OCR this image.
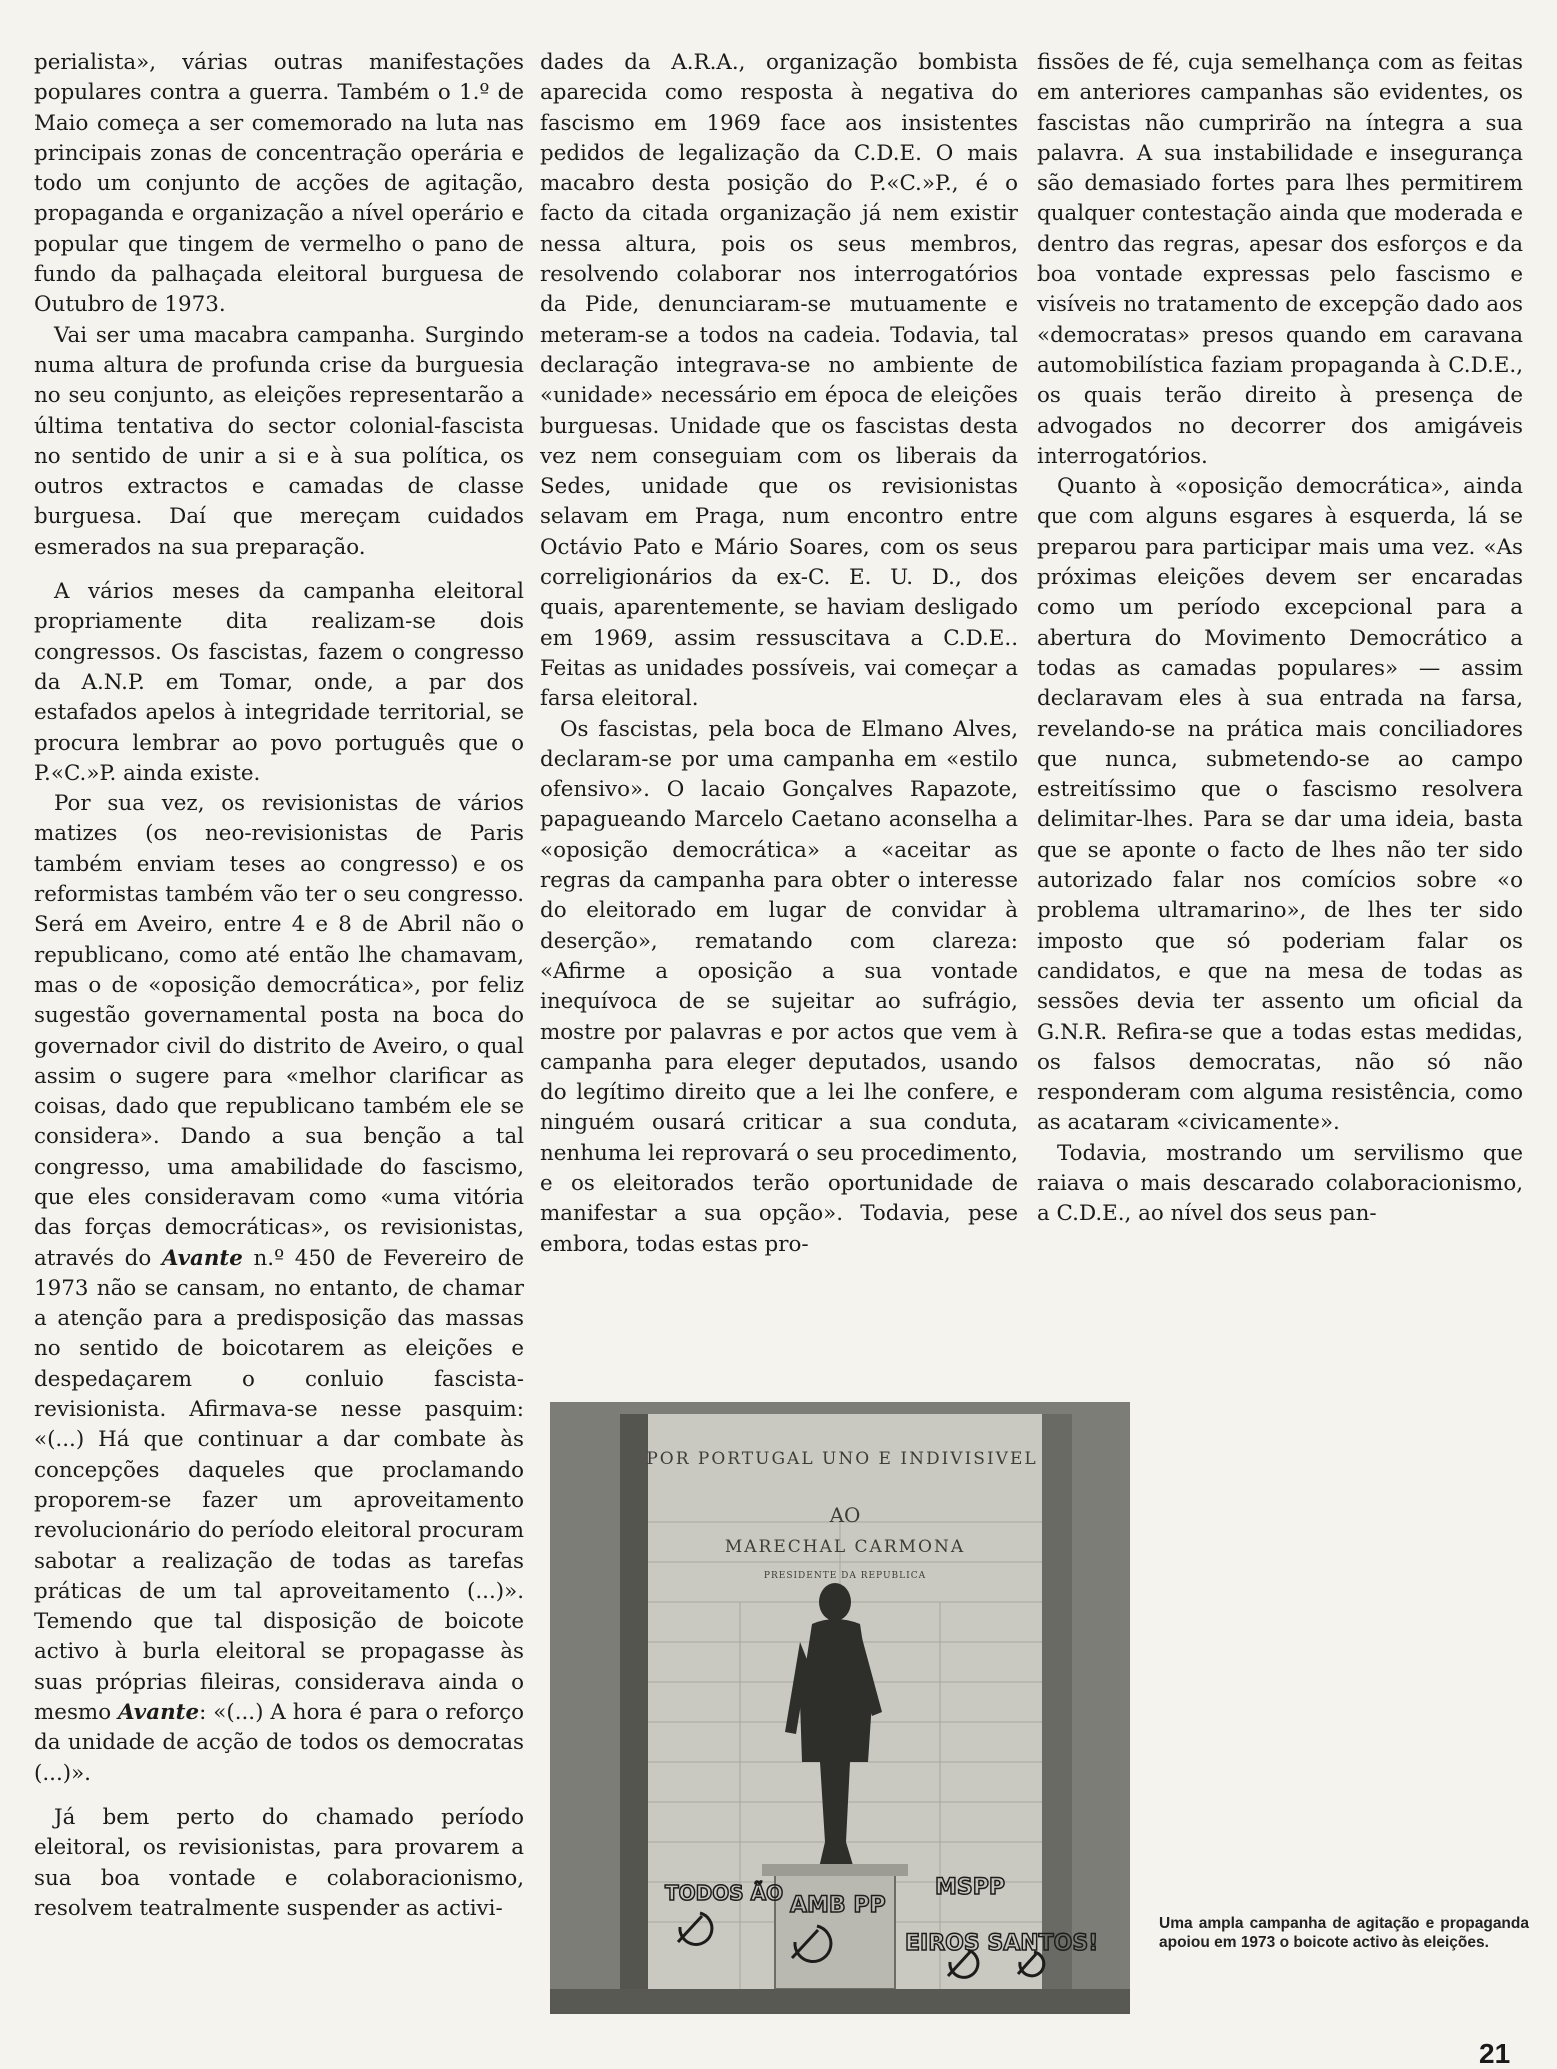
perialista», várias outras manifestações populares contra a guerra. Também o 1.º de Maio começa a ser comemorado na luta nas principais zonas de concentração operária e todo um conjunto de acções de agitação, propaganda e organização a nível operário e popular que tingem de vermelho o pano de fundo da palhaçada eleitoral burguesa de Outubro de 1973.

Vai ser uma macabra campanha. Surgindo numa altura de profunda crise da burguesia no seu conjunto, as eleições representarão a última tentativa do sector colonial-fascista no sentido de unir a si e à sua política, os outros extractos e camadas de classe burguesa. Daí que mereçam cuidados esmerados na sua preparação.

A vários meses da campanha eleitoral propriamente dita realizam-se dois congressos. Os fascistas, fazem o congresso da A.N.P. em Tomar, onde, a par dos estafados apelos à integridade territorial, se procura lembrar ao povo português que o P.«C.»P. ainda existe.

Por sua vez, os revisionistas de vários matizes (os neo-revisionistas de Paris também enviam teses ao congresso) e os reformistas também vão ter o seu congresso. Será em Aveiro, entre 4 e 8 de Abril não o republicano, como até então lhe chamavam, mas o de «oposição democrática», por feliz sugestão governamental posta na boca do governador civil do distrito de Aveiro, o qual assim o sugere para «melhor clarificar as coisas, dado que republicano também ele se considera». Dando a sua benção a tal congresso, uma amabilidade do fascismo, que eles consideravam como «uma vitória das forças democráticas», os revisionistas, através do Avante n.º 450 de Fevereiro de 1973 não se cansam, no entanto, de chamar a atenção para a predisposição das massas no sentido de boicotarem as eleições e despedaçarem o conluio fascista-revisionista. Afirmava-se nesse pasquim: «(...) Há que continuar a dar combate às concepções daqueles que proclamando proporem-se fazer um aproveitamento revolucionário do período eleitoral procuram sabotar a realização de todas as tarefas práticas de um tal aproveitamento (...)». Temendo que tal disposição de boicote activo à burla eleitoral se propagasse às suas próprias fileiras, considerava ainda o mesmo Avante: «(...) A hora é para o reforço da unidade de acção de todos os democratas (...)».

Já bem perto do chamado período eleitoral, os revisionistas, para provarem a sua boa vontade e colaboracionismo, resolvem teatralmente suspender as activi-

dades da A.R.A., organização bombista aparecida como resposta à negativa do fascismo em 1969 face aos insistentes pedidos de legalização da C.D.E. O mais macabro desta posição do P.«C.»P., é o facto da citada organização já nem existir nessa altura, pois os seus membros, resolvendo colaborar nos interrogatórios da Pide, denunciaram-se mutuamente e meteram-se a todos na cadeia. Todavia, tal declaração integrava-se no ambiente de «unidade» necessário em época de eleições burguesas. Unidade que os fascistas desta vez nem conseguiam com os liberais da Sedes, unidade que os revisionistas selavam em Praga, num encontro entre Octávio Pato e Mário Soares, com os seus correligionários da ex-C. E. U. D., dos quais, aparentemente, se haviam desligado em 1969, assim ressuscitava a C.D.E.. Feitas as unidades possíveis, vai começar a farsa eleitoral.

Os fascistas, pela boca de Elmano Alves, declaram-se por uma campanha em «estilo ofensivo». O lacaio Gonçalves Rapazote, papagueando Marcelo Caetano aconselha a «oposição democrática» a «aceitar as regras da campanha para obter o interesse do eleitorado em lugar de convidar à deserção», rematando com clareza: «Afirme a oposição a sua vontade inequívoca de se sujeitar ao sufrágio, mostre por palavras e por actos que vem à campanha para eleger deputados, usando do legítimo direito que a lei lhe confere, e ninguém ousará criticar a sua conduta, nenhuma lei reprovará o seu procedimento, e os eleitorados terão oportunidade de manifestar a sua opção». Todavia, pese embora, todas estas pro-

fissões de fé, cuja semelhança com as feitas em anteriores campanhas são evidentes, os fascistas não cumprirão na íntegra a sua palavra. A sua instabilidade e insegurança são demasiado fortes para lhes permitirem qualquer contestação ainda que moderada e dentro das regras, apesar dos esforços e da boa vontade expressas pelo fascismo e visíveis no tratamento de excepção dado aos «democratas» presos quando em caravana automobilística faziam propaganda à C.D.E., os quais terão direito à presença de advogados no decorrer dos amigáveis interrogatórios.

Quanto à «oposição democrática», ainda que com alguns esgares à esquerda, lá se preparou para participar mais uma vez. «As próximas eleições devem ser encaradas como um período excepcional para a abertura do Movimento Democrático a todas as camadas populares» — assim declaravam eles à sua entrada na farsa, revelando-se na prática mais conciliadores que nunca, submetendo-se ao campo estreitíssimo que o fascismo resolvera delimitar-lhes. Para se dar uma ideia, basta que se aponte o facto de lhes não ter sido autorizado falar nos comícios sobre «o problema ultramarino», de lhes ter sido imposto que só poderiam falar os candidatos, e que na mesa de todas as sessões devia ter assento um oficial da G.N.R. Refira-se que a todas estas medidas, os falsos democratas, não só não responderam com alguma resistência, como as acataram «civicamente».

Todavia, mostrando um servilismo que raiava o mais descarado colaboracionismo, a C.D.E., ao nível dos seus pan-

POR PORTUGAL UNO E INDIVISIVEL
AO
MARECHAL CARMONA
PRESIDENTE DA REPUBLICA
TODOS ÃO AMB PP
MSPP
EIROS SANTOS!
Uma ampla campanha de agitação e propaganda apoiou em 1973 o boicote activo às eleições.
21
